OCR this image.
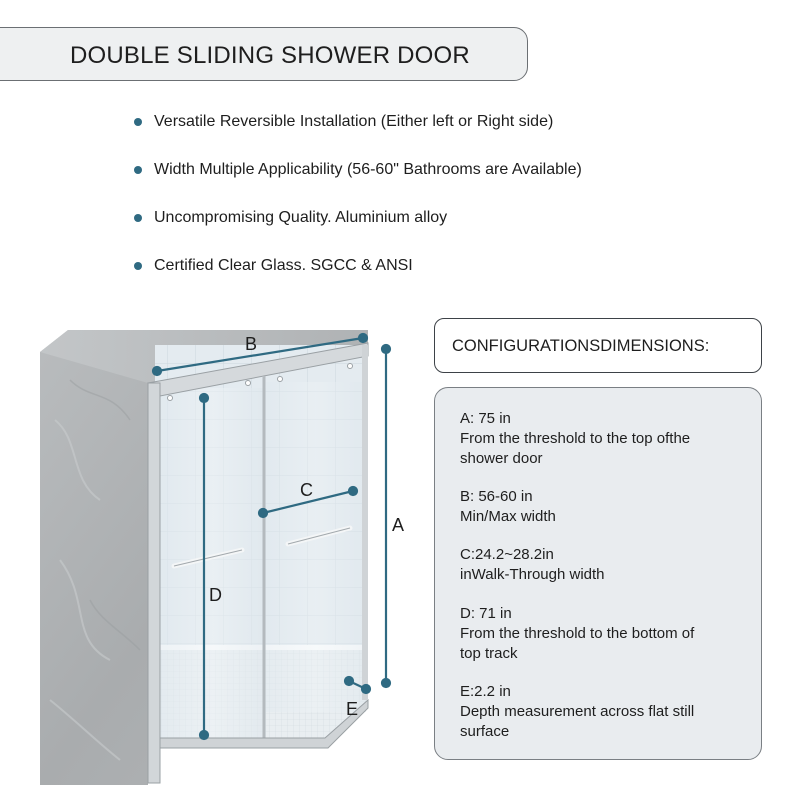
DOUBLE SLIDING SHOWER DOOR
Versatile Reversible Installation (Either left or Right side)
Width Multiple Applicability (56-60" Bathrooms are Available)
Uncompromising Quality. Aluminium alloy
Certified Clear Glass. SGCC & ANSI
B
A
C
D
E
CONFIGURATIONSDIMENSIONS:
A: 75 in
From the threshold to the top ofthe
shower door
B: 56-60 in
Min/Max width
C:24.2~28.2in
inWalk-Through width
D: 71 in
From the threshold to the bottom of
top track
E:2.2 in
Depth measurement across flat still
surface
